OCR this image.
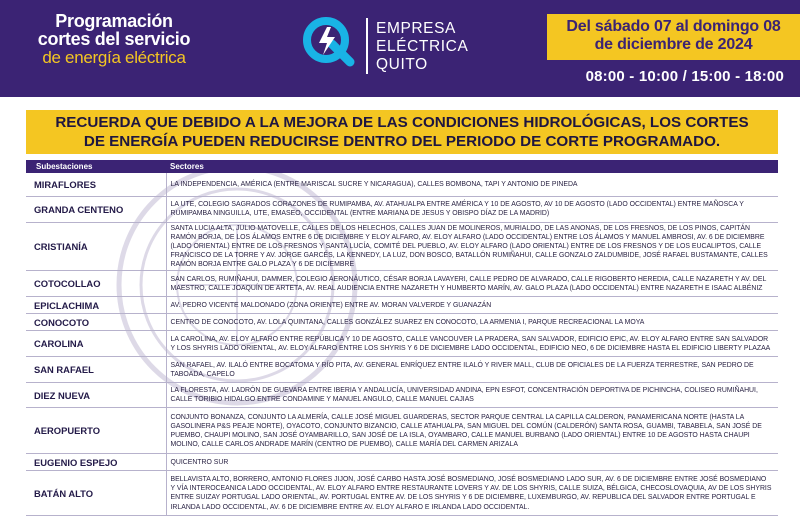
Programación
cortes del servicio
de energía eléctrica
EMPRESA
ELÉCTRICA
QUITO
Del sábado 07 al domingo 08
de diciembre de 2024
08:00 - 10:00 / 15:00 - 18:00
RECUERDA QUE DEBIDO A LA MEJORA DE LAS CONDICIONES HIDROLÓGICAS, LOS CORTES
DE ENERGÍA PUEDEN REDUCIRSE DENTRO DEL PERIODO DE CORTE PROGRAMADO.
Subestaciones	Sectores
MIRAFLORES	LA INDEPENDENCIA, AMÉRICA (ENTRE MARISCAL SUCRE Y NICARAGUA), CALLES BOMBONA, TAPI Y ANTONIO DE PINEDA
GRANDA CENTENO	LA UTE, COLEGIO SAGRADOS CORAZONES DE RUMIPAMBA, AV. ATAHUALPA ENTRE AMÉRICA Y 10 DE AGOSTO, AV 10 DE AGOSTO (LADO OCCIDENTAL) ENTRE MAÑOSCA Y RUMIPAMBA NINGUILLA, UTE, EMASEO, OCCIDENTAL (ENTRE MARIANA DE JESUS Y OBISPO DÍAZ DE LA MADRID)
CRISTIANÍA	SANTA LUCIA ALTA, JULIO MATOVELLE, CALLES DE LOS HELECHOS, CALLES JUAN DE MOLINEROS, MURIALDO, DE LAS ANONAS, DE LOS FRESNOS, DE LOS PINOS, CAPITÁN RAMÓN BORJA, DE LOS ÁLAMOS ENTRE 6 DE DICIEMBRE Y ELOY ALFARO, AV. ELOY ALFARO (LADO OCCIDENTAL) ENTRE LOS ÁLAMOS Y MANUEL AMBROSI, AV. 6 DE DICIEMBRE (LADO ORIENTAL) ENTRE DE LOS FRESNOS Y SANTA LUCÍA, COMITÉ DEL PUEBLO, AV. ELOY ALFARO (LADO ORIENTAL) ENTRE DE LOS FRESNOS Y DE LOS EUCALIPTOS, CALLE FRANCISCO DE LA TORRE Y AV. JORGE GARCÉS, LA KENNEDY, LA LUZ, DON BOSCO, BATALLÓN RUMIÑAHUI, CALLE GONZALO ZALDUMBIDE, JOSÉ RAFAEL BUSTAMANTE, CALLES RAMÓN BORJA ENTRE GALO PLAZA Y 6 DE DICIEMBRE
COTOCOLLAO	SAN CARLOS, RUMIÑAHUI, DAMMER, COLEGIO AERONÁUTICO, CÉSAR BORJA LAVAYERI, CALLE PEDRO DE ALVARADO, CALLE RIGOBERTO HEREDIA, CALLE NAZARETH Y AV. DEL MAESTRO, CALLE JOAQUÍN DE ARTETA, AV. REAL AUDIENCIA ENTRE NAZARETH Y HUMBERTO MARÍN, AV. GALO PLAZA (LADO OCCIDENTAL) ENTRE NAZARETH E ISAAC ALBÉNIZ
EPICLACHIMA	AV. PEDRO VICENTE MALDONADO (ZONA ORIENTE) ENTRE AV. MORAN VALVERDE Y GUANAZÁN
CONOCOTO	CENTRO DE CONOCOTO, AV. LOLA QUINTANA, CALLES GONZÁLEZ SUAREZ EN CONOCOTO, LA ARMENIA I, PARQUE RECREACIONAL LA MOYA
CAROLINA	LA CAROLINA, AV. ELOY ALFARO ENTRE REPÚBLICA Y 10 DE AGOSTO, CALLE VANCOUVER LA PRADERA, SAN SALVADOR, EDIFICIO EPIC, AV. ELOY ALFARO ENTRE SAN SALVADOR Y LOS SHYRIS LADO ORIENTAL, AV. ELOY ALFARO ENTRE LOS SHYRIS Y 6 DE DICIEMBRE LADO OCCIDENTAL, EDIFICIO NEO, 6 DE DICIEMBRE HASTA EL EDIFICIO LIBERTY PLAZAA
SAN RAFAEL	SAN RAFAEL, AV. ILALÓ ENTRE BOCATOMA Y RÍO PITA, AV. GENERAL ENRÍQUEZ ENTRE ILALÓ Y RIVER MALL, CLUB DE OFICIALES DE LA FUERZA TERRESTRE, SAN PEDRO DE TABOADA, CAPELO
DIEZ NUEVA	LA FLORESTA, AV. LADRÓN DE GUEVARA ENTRE IBERIA Y ANDALUCÍA, UNIVERSIDAD ANDINA, EPN ESFOT, CONCENTRACIÓN DEPORTIVA DE PICHINCHA, COLISEO RUMIÑAHUI, CALLE TORIBIO HIDALGO ENTRE CONDAMINE Y MANUEL ANGULO, CALLE MANUEL CAJIAS
AEROPUERTO	CONJUNTO BONANZA, CONJUNTO LA ALMERÍA, CALLE JOSÉ MIGUEL GUARDERAS, SECTOR PARQUE CENTRAL LA CAPILLA CALDERON, PANAMERICANA NORTE (HASTA LA GASOLINERA P&S PEAJE NORTE), OYACOTO, CONJUNTO BIZANCIO, CALLE ATAHUALPA, SAN MIGUEL DEL COMÚN (CALDERÓN) SANTA ROSA, GUAMBI, TABABELA, SAN JOSÉ DE PUEMBO, CHAUPI MOLINO, SAN JOSÉ OYAMBARILLO, SAN JOSÉ DE LA ISLA, OYAMBARO, CALLE MANUEL BURBANO (LADO ORIENTAL) ENTRE 10 DE AGOSTO HASTA CHAUPI MOLINO, CALLE CARLOS ANDRADE MARÍN (CENTRO DE PUEMBO), CALLE MARÍA DEL CARMEN ARIZALA
EUGENIO ESPEJO	QUICENTRO SUR
BATÁN ALTO	BELLAVISTA ALTO, BORRERO, ANTONIO FLORES JIJON, JOSÉ CARBO HASTA JOSÉ BOSMEDIANO, JOSÉ BOSMEDIANO LADO SUR, AV. 6 DE DICIEMBRE ENTRE JOSÉ BOSMEDIANO Y VÍA INTEROCEANICA LADO OCCIDENTAL, AV. ELOY ALFARO ENTRE RESTAURANTE LOVERS Y AV. DE LOS SHYRIS, CALLE SUIZA, BÉLGICA, CHECOSLOVAQUIA, AV DE LOS SHYRIS ENTRE SUIZAY PORTUGAL LADO ORIENTAL, AV. PORTUGAL ENTRE AV. DE LOS SHYRIS Y 6 DE DICIEMBRE, LUXEMBURGO, AV. REPUBLICA DEL SALVADOR ENTRE PORTUGAL E IRLANDA LADO OCCIDENTAL, AV. 6 DE DICIEMBRE ENTRE AV. ELOY ALFARO E IRLANDA LADO OCCIDENTAL.
